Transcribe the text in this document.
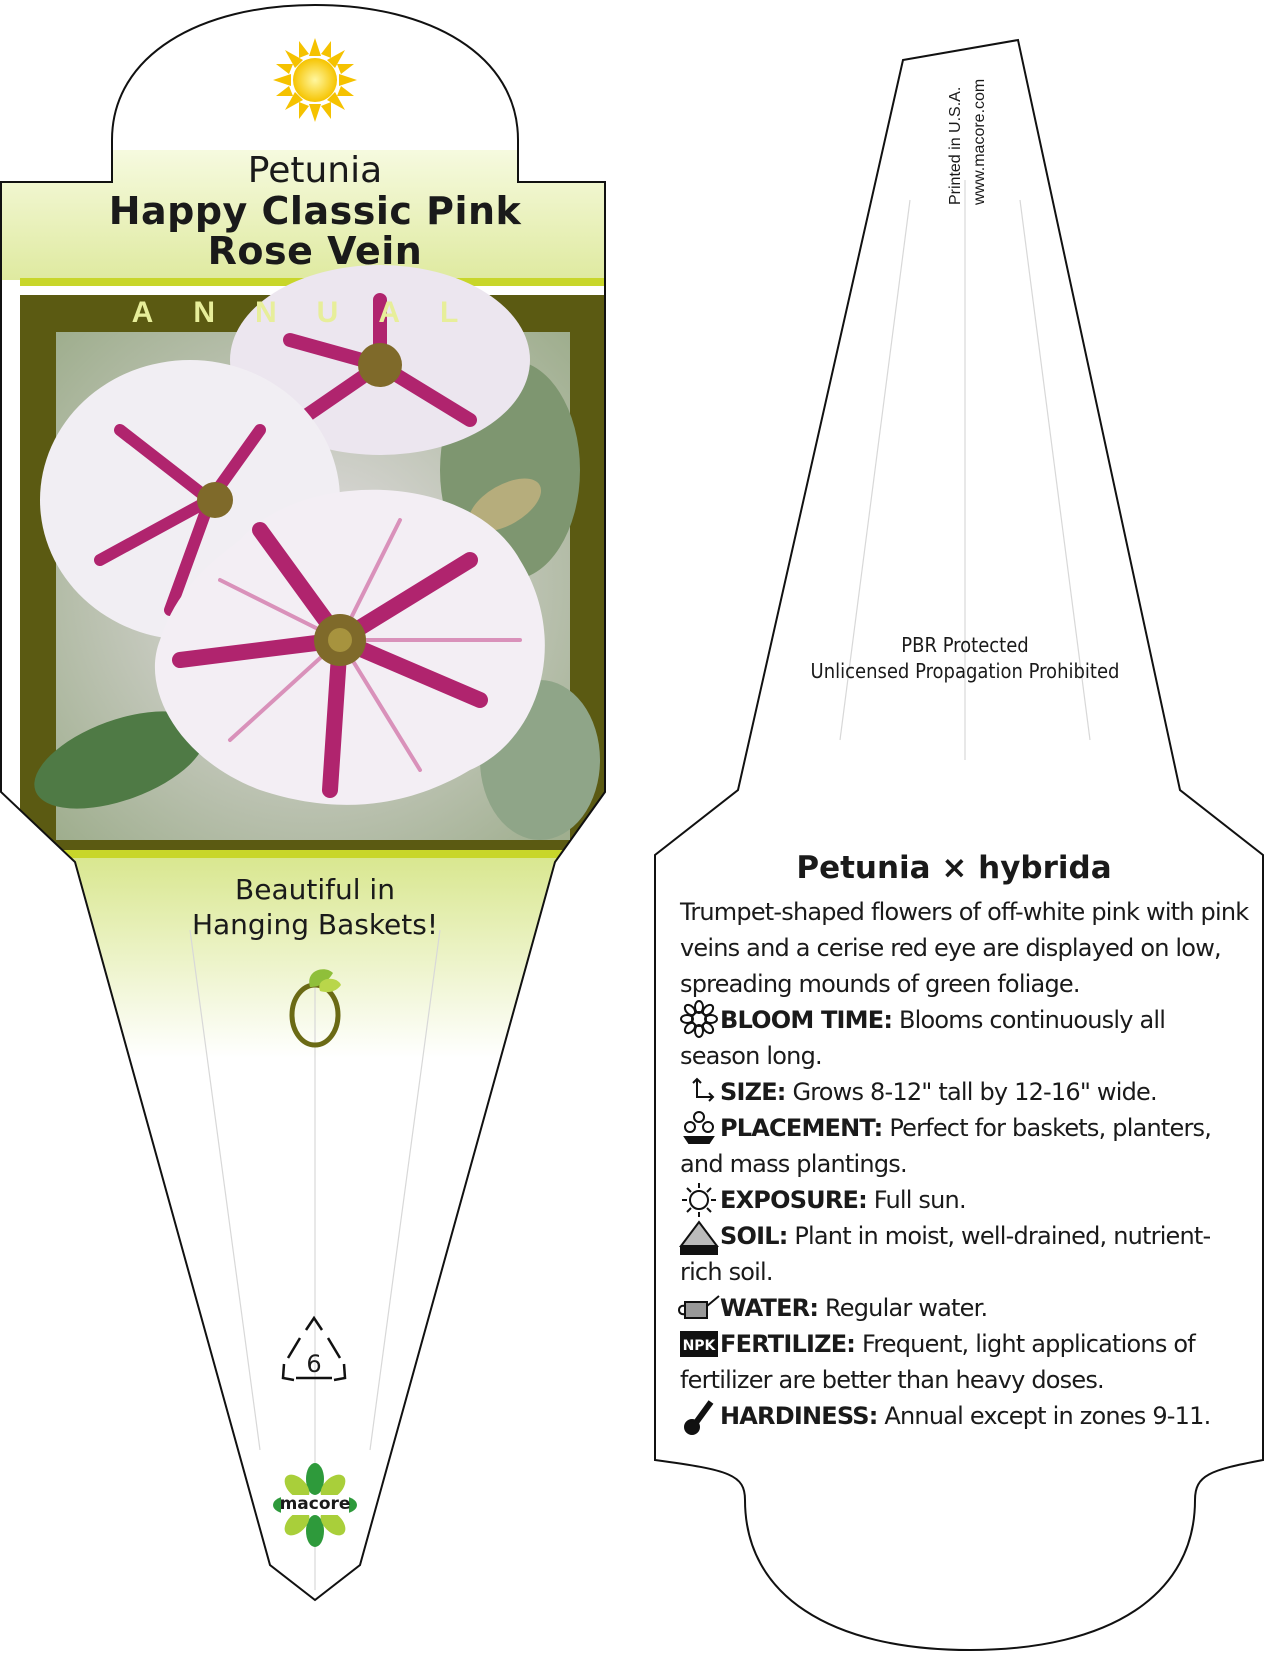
NPK
Petunia
Happy Classic Pink
Rose Vein
ANNUAL
Beautiful in
Hanging Baskets!
6
macore
Printed in U.S.A. www.macore.com
PBR Protected
Unlicensed Propagation Prohibited
Petunia × hybrida

Trumpet-shaped flowers of off-white pink with pink veins and a cerise red eye are displayed on low, spreading mounds of green foliage.

BLOOM TIME: Blooms continuously all season long.

SIZE: Grows 8-12" tall by 12-16" wide.

PLACEMENT: Perfect for baskets, planters, and mass plantings.

EXPOSURE: Full sun.

SOIL: Plant in moist, well-drained, nutrient-rich soil.

WATER: Regular water.

FERTILIZE: Frequent, light applications of fertilizer are better than heavy doses.

HARDINESS: Annual except in zones 9-11.
